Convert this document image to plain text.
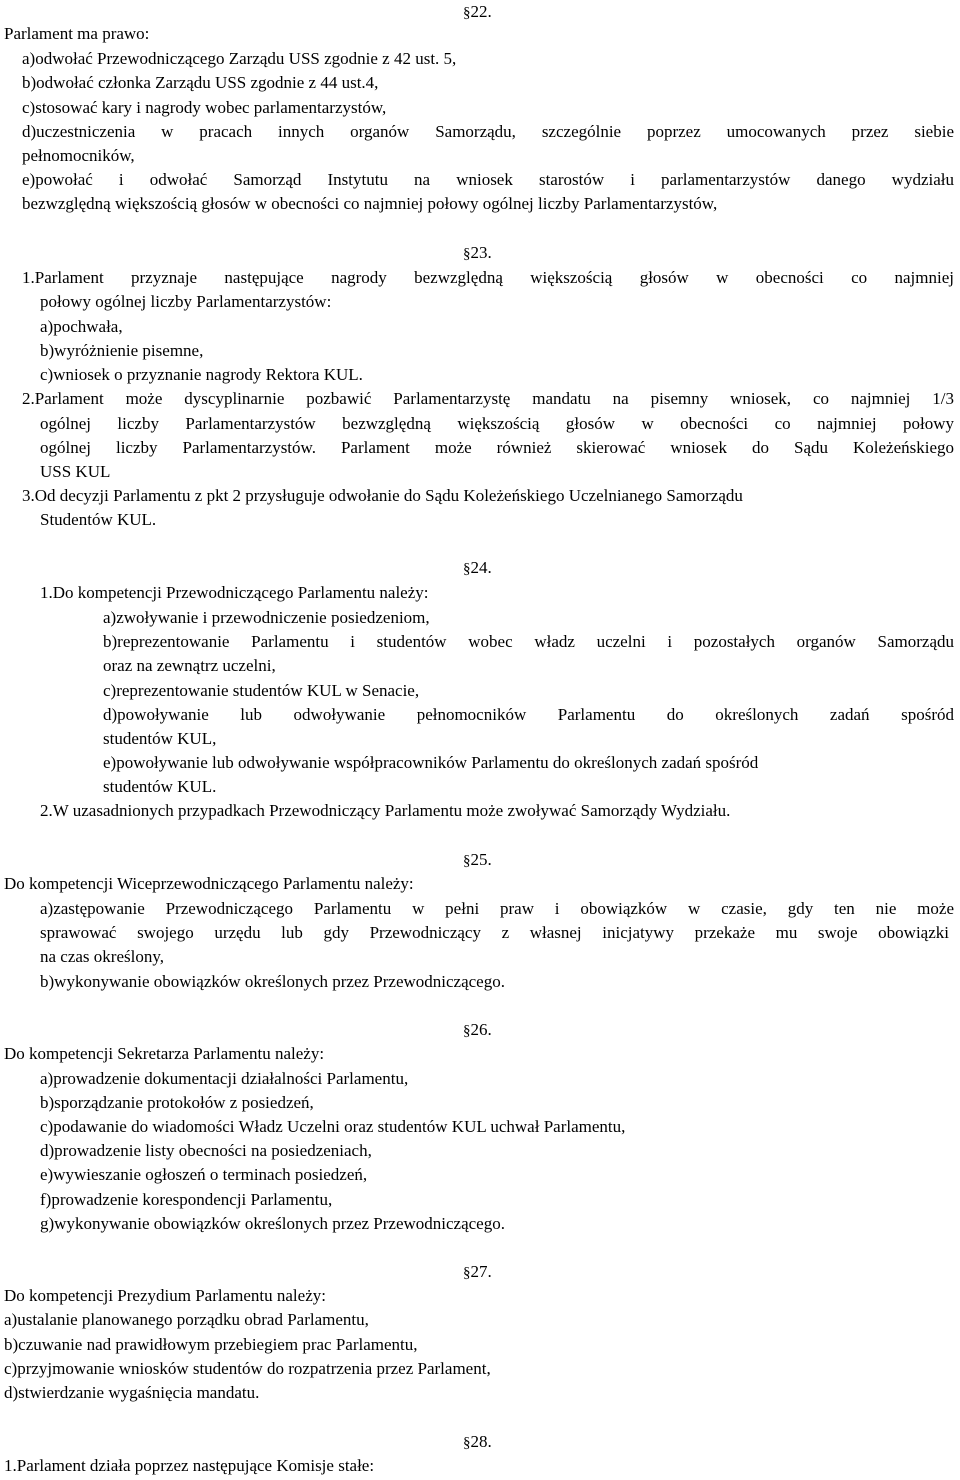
§22.

Parlament ma prawo:

a)odwołać Przewodniczącego Zarządu USS zgodnie z 42 ust. 5,

b)odwołać członka Zarządu USS zgodnie z 44 ust.4,

c)stosować kary i nagrody wobec parlamentarzystów,

d)uczestniczenia w pracach innych organów Samorządu, szczególnie poprzez umocowanych przez siebie

pełnomocników,

e)powołać i odwołać Samorząd Instytutu na wniosek starostów i parlamentarzystów danego wydziału

bezwzględną większością głosów w obecności co najmniej połowy ogólnej liczby Parlamentarzystów,

§23.

1.Parlament przyznaje następujące nagrody bezwzględną większością głosów w obecności co najmniej

połowy ogólnej liczby Parlamentarzystów:

a)pochwała,

b)wyróżnienie pisemne,

c)wniosek o przyznanie nagrody Rektora KUL.

2.Parlament może dyscyplinarnie pozbawić Parlamentarzystę mandatu na pisemny wniosek, co najmniej 1/3

ogólnej liczby Parlamentarzystów bezwzględną większością głosów w obecności co najmniej połowy

ogólnej liczby Parlamentarzystów. Parlament może również skierować wniosek do Sądu Koleżeńskiego

USS KUL

3.Od decyzji Parlamentu z pkt 2 przysługuje odwołanie do Sądu Koleżeńskiego Uczelnianego Samorządu

Studentów KUL.

§24.

1.Do kompetencji Przewodniczącego Parlamentu należy:

a)zwoływanie i przewodniczenie posiedzeniom,

b)reprezentowanie Parlamentu i studentów wobec władz uczelni i pozostałych organów Samorządu

oraz na zewnątrz uczelni,

c)reprezentowanie studentów KUL w Senacie,

d)powoływanie lub odwoływanie pełnomocników Parlamentu do określonych zadań spośród

studentów KUL,

e)powoływanie lub odwoływanie współpracowników Parlamentu do określonych zadań spośród

studentów KUL.

2.W uzasadnionych przypadkach Przewodniczący Parlamentu może zwoływać Samorządy Wydziału.

§25.

Do kompetencji Wiceprzewodniczącego Parlamentu należy:

a)zastępowanie Przewodniczącego Parlamentu w pełni praw i obowiązków w czasie, gdy ten nie może

sprawować swojego urzędu lub gdy Przewodniczący z własnej inicjatywy przekaże mu swoje obowiązki

na czas określony,

b)wykonywanie obowiązków określonych przez Przewodniczącego.

§26.

Do kompetencji Sekretarza Parlamentu należy:

a)prowadzenie dokumentacji działalności Parlamentu,

b)sporządzanie protokołów z posiedzeń,

c)podawanie do wiadomości Władz Uczelni oraz studentów KUL uchwał Parlamentu,

d)prowadzenie listy obecności na posiedzeniach,

e)wywieszanie ogłoszeń o terminach posiedzeń,

f)prowadzenie korespondencji Parlamentu,

g)wykonywanie obowiązków określonych przez Przewodniczącego.

§27.

Do kompetencji Prezydium Parlamentu należy:

a)ustalanie planowanego porządku obrad Parlamentu,

b)czuwanie nad prawidłowym przebiegiem prac Parlamentu,

c)przyjmowanie wniosków studentów do rozpatrzenia przez Parlament,

d)stwierdzanie wygaśnięcia mandatu.

§28.

1.Parlament działa poprzez następujące Komisje stałe:
